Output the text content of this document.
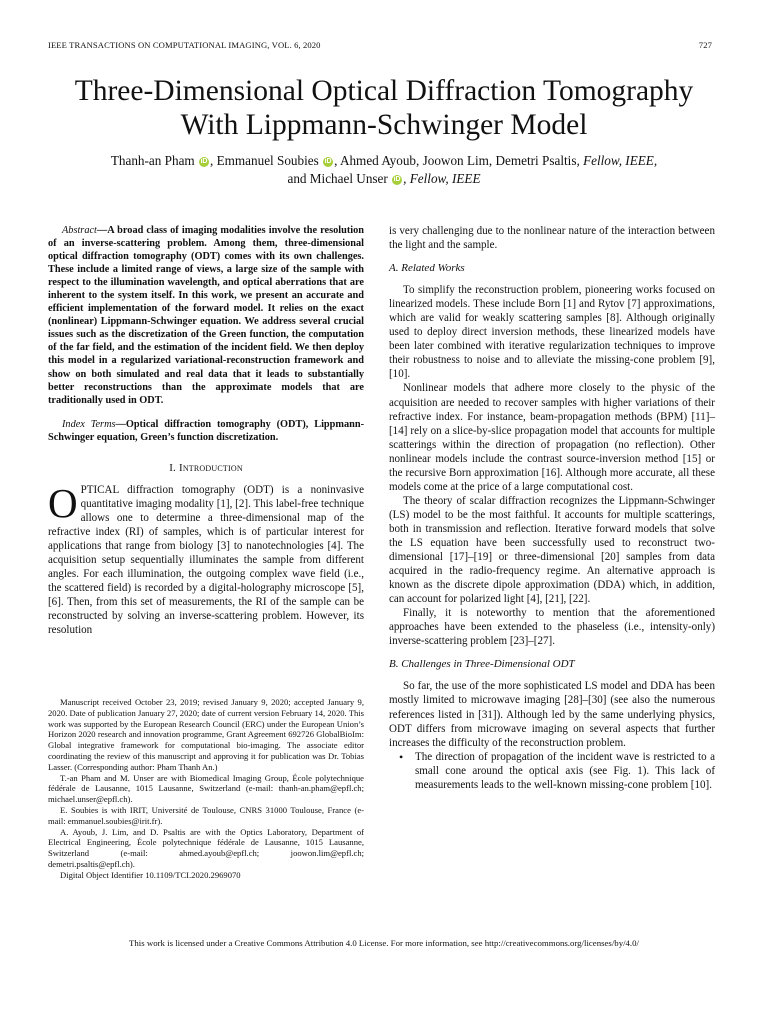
IEEE TRANSACTIONS ON COMPUTATIONAL IMAGING, VOL. 6, 2020	727
Three-Dimensional Optical Diffraction Tomography
With Lippmann-Schwinger Model
Thanh-an Pham iD , Emmanuel Soubies iD , Ahmed Ayoub, Joowon Lim, Demetri Psaltis, Fellow, IEEE,
and Michael Unser iD , Fellow, IEEE

Abstract—A broad class of imaging modalities involve the resolution of an inverse-scattering problem. Among them, three-dimensional optical diffraction tomography (ODT) comes with its own challenges. These include a limited range of views, a large size of the sample with respect to the illumination wavelength, and optical aberrations that are inherent to the system itself. In this work, we present an accurate and efficient implementation of the forward model. It relies on the exact (nonlinear) Lippmann-Schwinger equation. We address several crucial issues such as the discretization of the Green function, the computation of the far field, and the estimation of the incident field. We then deploy this model in a regularized variational-reconstruction framework and show on both simulated and real data that it leads to substantially better reconstructions than the approximate models that are traditionally used in ODT.

Index Terms—Optical diffraction tomography (ODT), Lippmann-Schwinger equation, Green’s function discretization.

I. Introduction

OPTICAL diffraction tomography (ODT) is a noninvasive quantitative imaging modality [1], [2]. This label-free technique allows one to determine a three-dimensional map of the refractive index (RI) of samples, which is of particular interest for applications that range from biology [3] to nanotechnologies [4]. The acquisition setup sequentially illuminates the sample from different angles. For each illumination, the outgoing complex wave field (i.e., the scattered field) is recorded by a digital-holography microscope [5], [6]. Then, from this set of measurements, the RI of the sample can be reconstructed by solving an inverse-scattering problem. However, its resolution

Manuscript received October 23, 2019; revised January 9, 2020; accepted January 9, 2020. Date of publication January 27, 2020; date of current version February 14, 2020. This work was supported by the European Research Council (ERC) under the European Union’s Horizon 2020 research and innovation programme, Grant Agreement 692726 GlobalBioIm: Global integrative framework for computational bio-imaging. The associate editor coordinating the review of this manuscript and approving it for publication was Dr. Tobias Lasser. (Corresponding author: Pham Thanh An.)

T.-an Pham and M. Unser are with Biomedical Imaging Group, École polytechnique fédérale de Lausanne, 1015 Lausanne, Switzerland (e-mail: thanh-an.pham@epfl.ch; michael.unser@epfl.ch).

E. Soubies is with IRIT, Université de Toulouse, CNRS 31000 Toulouse, France (e-mail: emmanuel.soubies@irit.fr).

A. Ayoub, J. Lim, and D. Psaltis are with the Optics Laboratory, Department of Electrical Engineering, École polytechnique fédérale de Lausanne, 1015 Lausanne, Switzerland (e-mail: ahmed.ayoub@epfl.ch; joowon.lim@epfl.ch; demetri.psaltis@epfl.ch).

Digital Object Identifier 10.1109/TCI.2020.2969070

is very challenging due to the nonlinear nature of the interaction between the light and the sample.

A. Related Works

To simplify the reconstruction problem, pioneering works focused on linearized models. These include Born [1] and Rytov [7] approximations, which are valid for weakly scattering samples [8]. Although originally used to deploy direct inversion methods, these linearized models have been later combined with iterative regularization techniques to improve their robustness to noise and to alleviate the missing-cone problem [9], [10].

Nonlinear models that adhere more closely to the physic of the acquisition are needed to recover samples with higher variations of their refractive index. For instance, beam-propagation methods (BPM) [11]–[14] rely on a slice-by-slice propagation model that accounts for multiple scatterings within the direction of propagation (no reflection). Other nonlinear models include the contrast source-inversion method [15] or the recursive Born approximation [16]. Although more accurate, all these models come at the price of a large computational cost.

The theory of scalar diffraction recognizes the Lippmann-Schwinger (LS) model to be the most faithful. It accounts for multiple scatterings, both in transmission and reflection. Iterative forward models that solve the LS equation have been successfully used to reconstruct two-dimensional [17]–[19] or three-dimensional [20] samples from data acquired in the radio-frequency regime. An alternative approach is known as the discrete dipole approximation (DDA) which, in addition, can account for polarized light [4], [21], [22].

Finally, it is noteworthy to mention that the aforementioned approaches have been extended to the phaseless (i.e., intensity-only) inverse-scattering problem [23]–[27].

B. Challenges in Three-Dimensional ODT

So far, the use of the more sophisticated LS model and DDA has been mostly limited to microwave imaging [28]–[30] (see also the numerous references listed in [31]). Although led by the same underlying physics, ODT differs from microwave imaging on several aspects that further increases the difficulty of the reconstruction problem.

• The direction of propagation of the incident wave is restricted to a small cone around the optical axis (see Fig. 1). This lack of measurements leads to the well-known missing-cone problem [10].
This work is licensed under a Creative Commons Attribution 4.0 License. For more information, see http://creativecommons.org/licenses/by/4.0/
